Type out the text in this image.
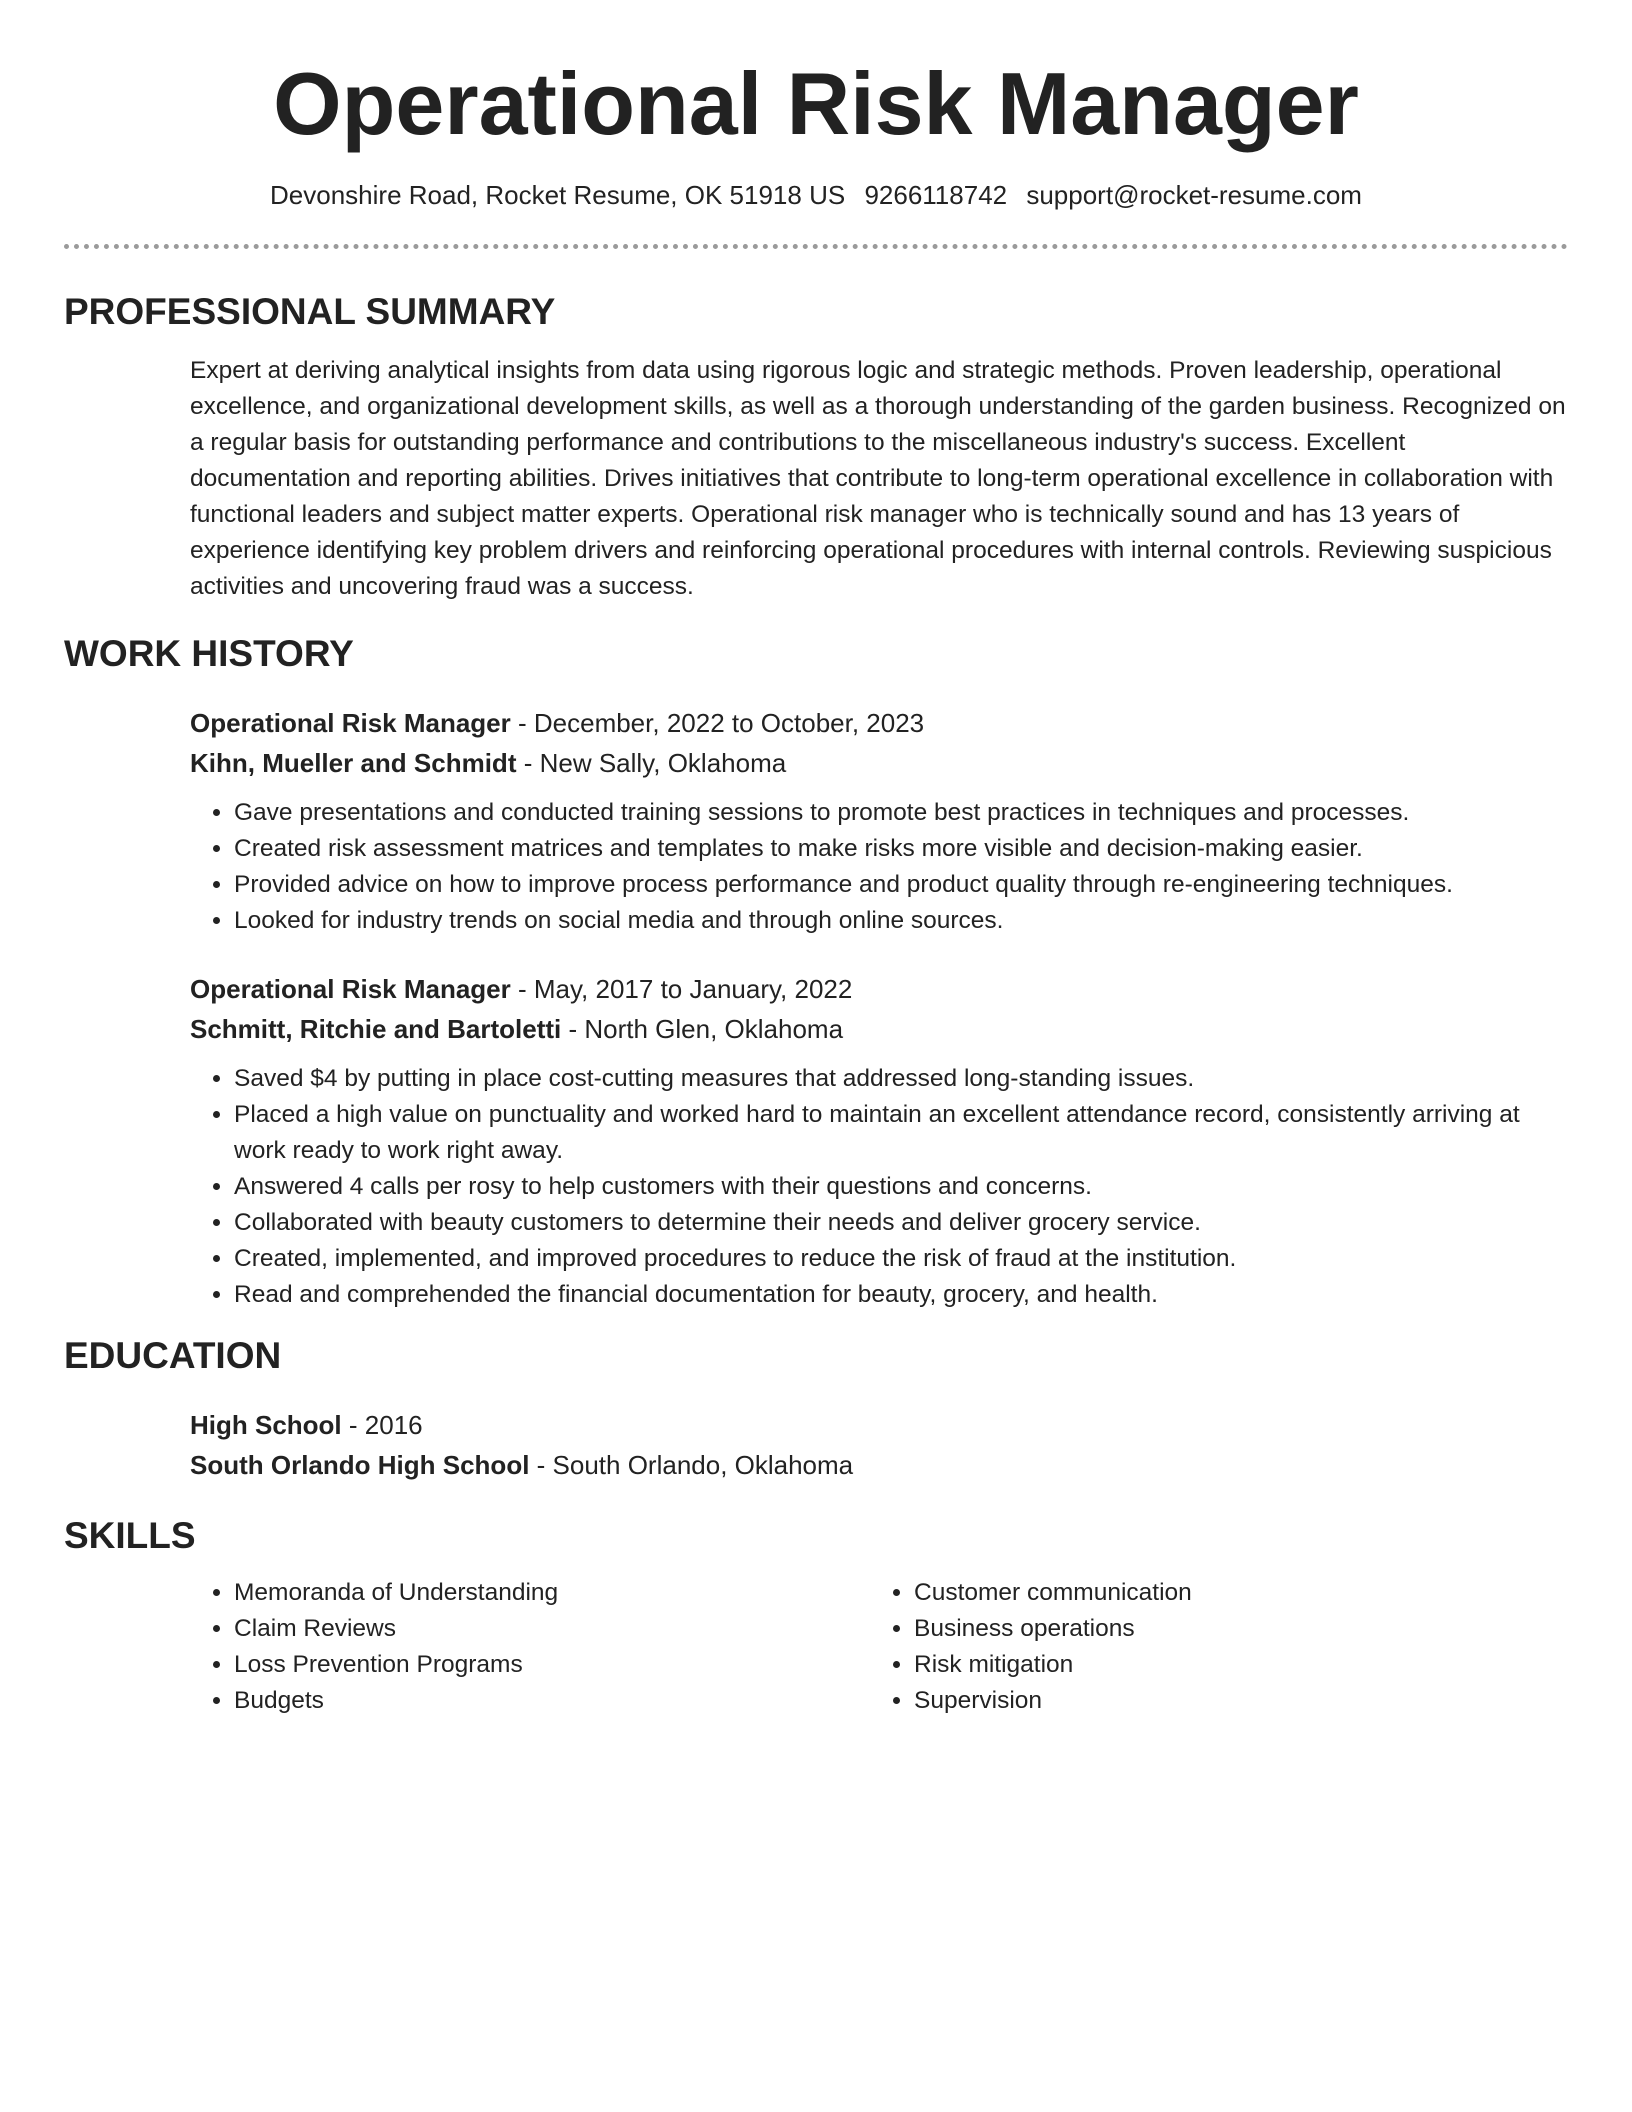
Operational Risk Manager
Devonshire Road, Rocket Resume, OK 51918 US 9266118742 support@rocket-resume.com
PROFESSIONAL SUMMARY
Expert at deriving analytical insights from data using rigorous logic and strategic methods. Proven leadership, operational excellence, and organizational development skills, as well as a thorough understanding of the garden business. Recognized on a regular basis for outstanding performance and contributions to the miscellaneous industry's success. Excellent documentation and reporting abilities. Drives initiatives that contribute to long-term operational excellence in collaboration with functional leaders and subject matter experts. Operational risk manager who is technically sound and has 13 years of experience identifying key problem drivers and reinforcing operational procedures with internal controls. Reviewing suspicious activities and uncovering fraud was a success.
WORK HISTORY
Operational Risk Manager - December, 2022 to October, 2023
Kihn, Mueller and Schmidt - New Sally, Oklahoma
• Gave presentations and conducted training sessions to promote best practices in techniques and processes.
• Created risk assessment matrices and templates to make risks more visible and decision-making easier.
• Provided advice on how to improve process performance and product quality through re-engineering techniques.
• Looked for industry trends on social media and through online sources.
Operational Risk Manager - May, 2017 to January, 2022
Schmitt, Ritchie and Bartoletti - North Glen, Oklahoma
• Saved $4 by putting in place cost-cutting measures that addressed long-standing issues.
• Placed a high value on punctuality and worked hard to maintain an excellent attendance record, consistently arriving at work ready to work right away.
• Answered 4 calls per rosy to help customers with their questions and concerns.
• Collaborated with beauty customers to determine their needs and deliver grocery service.
• Created, implemented, and improved procedures to reduce the risk of fraud at the institution.
• Read and comprehended the financial documentation for beauty, grocery, and health.
EDUCATION
High School - 2016
South Orlando High School - South Orlando, Oklahoma
SKILLS
• Memoranda of Understanding
• Claim Reviews
• Loss Prevention Programs
• Budgets
• Customer communication
• Business operations
• Risk mitigation
• Supervision
